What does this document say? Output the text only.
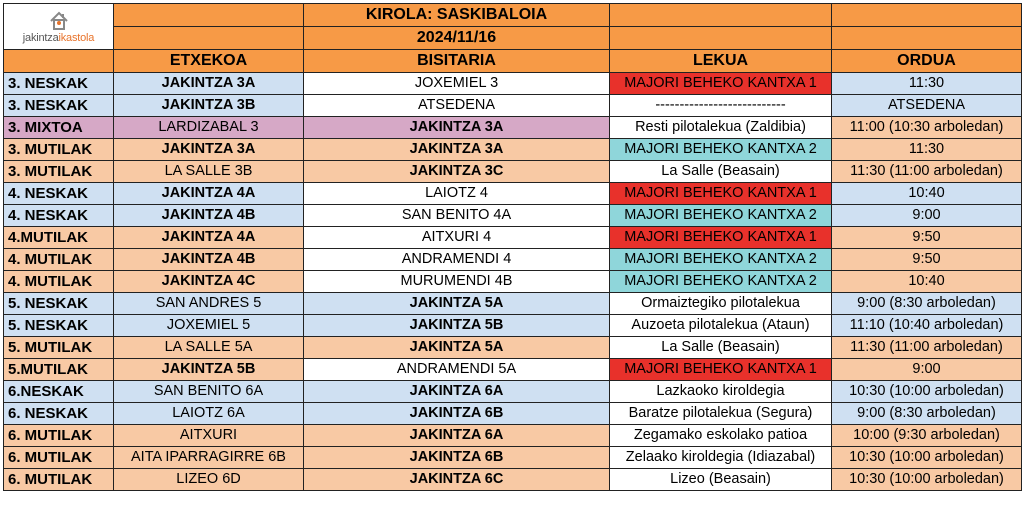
jakintzaikastola		KIROLA: SASKIBALOIA		
		2024/11/16		
	ETXEKOA	BISITARIA	LEKUA	ORDUA
3. NESKAK	JAKINTZA 3A	JOXEMIEL 3	MAJORI BEHEKO KANTXA 1	11:30
3. NESKAK	JAKINTZA 3B	ATSEDENA	---------------------------	ATSEDENA
3. MIXTOA	LARDIZABAL 3	JAKINTZA 3A	Resti pilotalekua (Zaldibia)	11:00 (10:30 arboledan)
3. MUTILAK	JAKINTZA 3A	JAKINTZA 3A	MAJORI BEHEKO KANTXA 2	11:30
3. MUTILAK	LA SALLE 3B	JAKINTZA 3C	La Salle (Beasain)	11:30 (11:00 arboledan)
4. NESKAK	JAKINTZA 4A	LAIOTZ 4	MAJORI BEHEKO KANTXA 1	10:40
4. NESKAK	JAKINTZA 4B	SAN BENITO 4A	MAJORI BEHEKO KANTXA 2	9:00
4.MUTILAK	JAKINTZA 4A	AITXURI 4	MAJORI BEHEKO KANTXA 1	9:50
4. MUTILAK	JAKINTZA 4B	ANDRAMENDI 4	MAJORI BEHEKO KANTXA 2	9:50
4. MUTILAK	JAKINTZA 4C	MURUMENDI 4B	MAJORI BEHEKO KANTXA 2	10:40
5. NESKAK	SAN ANDRES 5	JAKINTZA 5A	Ormaiztegiko pilotalekua	9:00 (8:30 arboledan)
5. NESKAK	JOXEMIEL 5	JAKINTZA 5B	Auzoeta pilotalekua (Ataun)	11:10 (10:40 arboledan)
5. MUTILAK	LA SALLE 5A	JAKINTZA 5A	La Salle (Beasain)	11:30 (11:00 arboledan)
5.MUTILAK	JAKINTZA 5B	ANDRAMENDI 5A	MAJORI BEHEKO KANTXA 1	9:00
6.NESKAK	SAN BENITO 6A	JAKINTZA 6A	Lazkaoko kiroldegia	10:30 (10:00 arboledan)
6. NESKAK	LAIOTZ 6A	JAKINTZA 6B	Baratze pilotalekua (Segura)	9:00 (8:30 arboledan)
6. MUTILAK	AITXURI	JAKINTZA 6A	Zegamako eskolako patioa	10:00 (9:30 arboledan)
6. MUTILAK	AITA IPARRAGIRRE 6B	JAKINTZA 6B	Zelaako kiroldegia (Idiazabal)	10:30 (10:00 arboledan)
6. MUTILAK	LIZEO 6D	JAKINTZA 6C	Lizeo (Beasain)	10:30 (10:00 arboledan)
